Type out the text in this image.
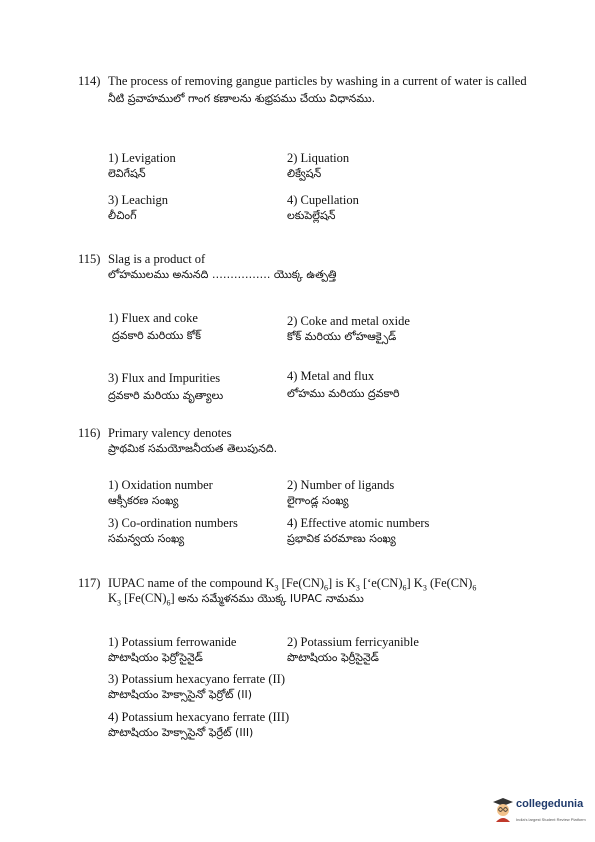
114) The process of removing gangue particles by washing in a current of water is called
నీటి ప్రవాహములో గాంగ కణాలను శుభ్రపము చేయు విధానము.
1) Levigation
లెవిగేషన్
2) Liquation
లిక్వేషన్
3) Leachign
లీచింగ్
4) Cupellation
లకుపెల్లేషన్
115) Slag is a product of
లోహములము అనునది ……………. యొక్క ఉత్పత్తి
1) Fluex and coke
ద్రవకారి మరియు కోక్
2) Coke and metal oxide
కోక్ మరియు లోహఆక్సైడ్
3) Flux and Impurities
ద్రవకారి మరియు వృత్యాలు
4) Metal and flux
లోహము మరియు ద్రవకారి
116) Primary valency denotes
ప్రాథమిక సమయోజనీయత తెలుపునది.
1) Oxidation number
ఆక్సీకరణ సంఖ్య
2) Number of ligands
లైగాండ్ల సంఖ్య
3) Co-ordination numbers
సమన్వయ సంఖ్య
4) Effective atomic numbers
ప్రభావిక పరమాణు సంఖ్య
117) IUPAC name of the compound $K_3$ $[Fe(CN)_6]$ is $K_3$ $[‘e(CN)_6]$ $K_3$ ($Fe(CN)_6$
$K_3$ $[Fe(CN)_6]$ అను సమ్మేళనము యొక్క IUPAC నామము
1) Potassium ferrowanide
పొటాషియం ఫెర్రోసైనైడ్
2) Potassium ferricyanible
పొటాషియం ఫెర్రీసైనైడ్
3) Potassium hexacyano ferrate (II)
పొటాషియం హెక్సాసైనో ఫెర్రోట్ (II)
4) Potassium hexacyano ferrate (III)
పొటాషియం హెక్సాసైనో ఫెర్రేట్ (III)
collegedunia
India's largest Student Review Platform
